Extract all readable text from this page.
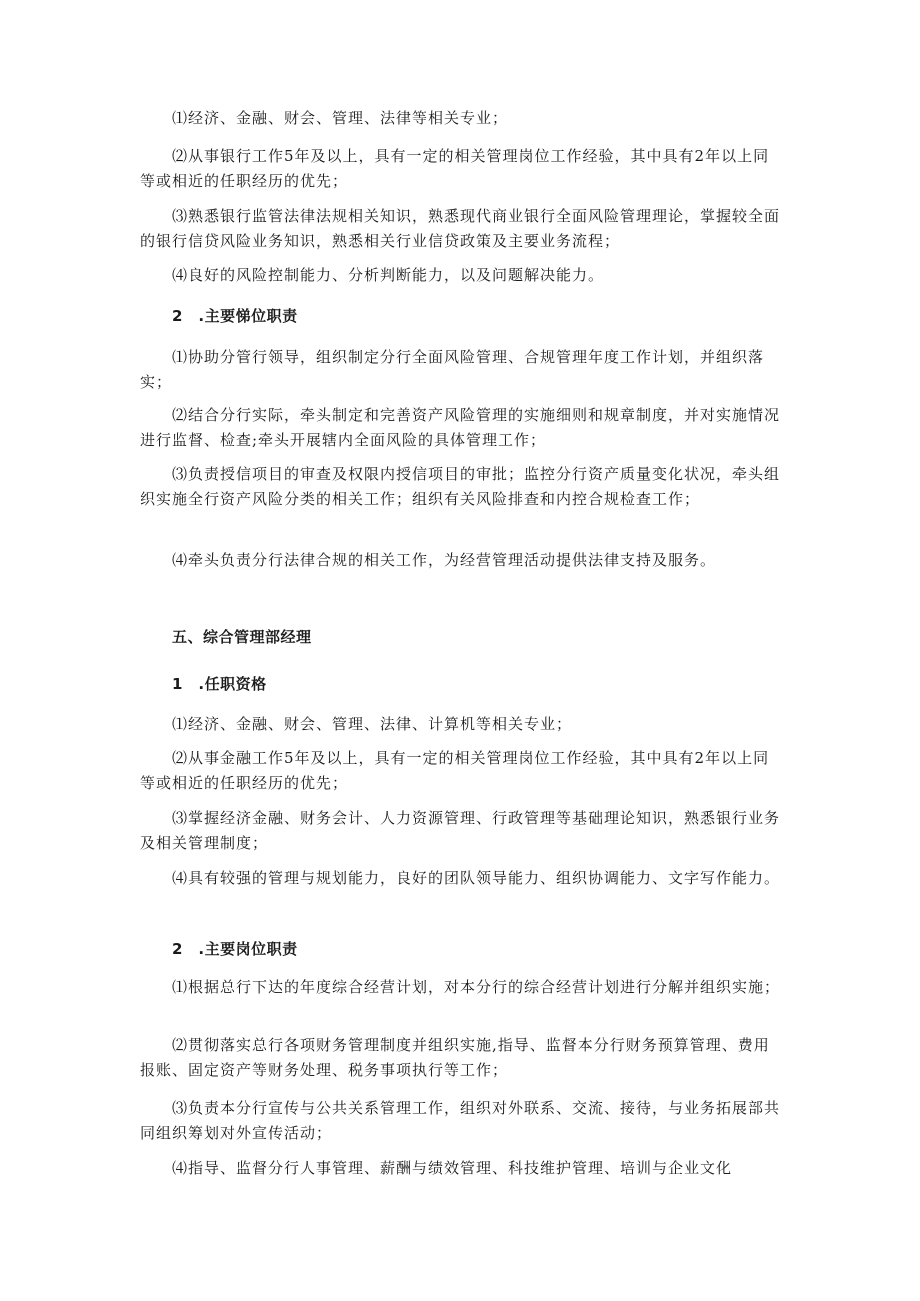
⑴经济、金融、财会、管理、法律等相关专业；

⑵从事银行工作5年及以上，具有一定的相关管理岗位工作经验，其中具有2年以上同等或相近的任职经历的优先；

⑶熟悉银行监管法律法规相关知识，熟悉现代商业银行全面风险管理理论，掌握较全面的银行信贷风险业务知识，熟悉相关行业信贷政策及主要业务流程；

⑷良好的风险控制能力、分析判断能力，以及问题解决能力。

2　.主要悌位职责

⑴协助分管行领导，组织制定分行全面风险管理、合规管理年度工作计划，并组织落实；

⑵结合分行实际，牵头制定和完善资产风险管理的实施细则和规章制度，并对实施情况进行监督、检查;牵头开展辖内全面风险的具体管理工作；

⑶负责授信项目的审查及权限内授信项目的审批；监控分行资产质量变化状况，牵头组织实施全行资产风险分类的相关工作；组织有关风险排查和内控合规检查工作；

⑷牵头负责分行法律合规的相关工作，为经营管理活动提供法律支持及服务。

五、综合管理部经理

1　.任职资格

⑴经济、金融、财会、管理、法律、计算机等相关专业；

⑵从事金融工作5年及以上，具有一定的相关管理岗位工作经验，其中具有2年以上同等或相近的任职经历的优先；

⑶掌握经济金融、财务会计、人力资源管理、行政管理等基础理论知识，熟悉银行业务及相关管理制度；

⑷具有较强的管理与规划能力，良好的团队领导能力、组织协调能力、文字写作能力。

2　.主要岗位职责

⑴根据总行下达的年度综合经营计划，对本分行的综合经营计划进行分解并组织实施；

⑵贯彻落实总行各项财务管理制度并组织实施,指导、监督本分行财务预算管理、费用报账、固定资产等财务处理、税务事项执行等工作；

⑶负责本分行宣传与公共关系管理工作，组织对外联系、交流、接待，与业务拓展部共同组织筹划对外宣传活动；

⑷指导、监督分行人事管理、薪酬与绩效管理、科技维护管理、培训与企业文化
